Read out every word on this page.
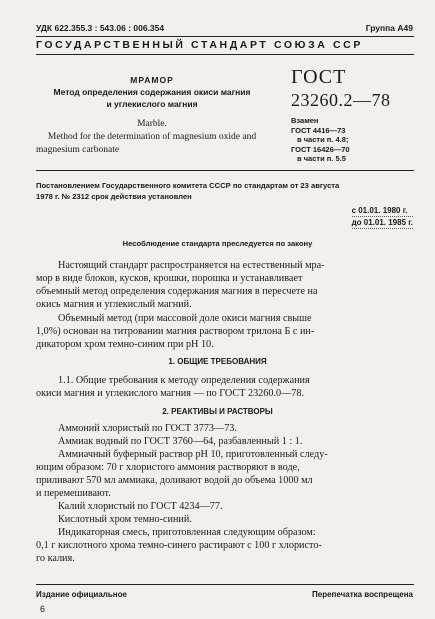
УДК 622.355.3 : 543.06 : 006.354	Группа А49
ГОСУДАРСТВЕННЫЙ СТАНДАРТ СОЮЗА ССР
МРАМОР
Метод определения содержания окиси магния
и углекислого магния
Marble.
Method for the determination of magnesium oxide and
magnesium carbonate
ГОСТ
23260.2—78
Взамен
ГОСТ 4416—73
в части п. 4.8;
ГОСТ 16426—70
в части п. 5.5
Постановлением Государственного комитета СССР по стандартам от 23 августа
1978 г. № 2312 срок действия установлен
с 01.01. 1980 г.
до 01.01. 1985 г.
Несоблюдение стандарта преследуется по закону
Настоящий стандарт распространяется на естественный мра-
мор в виде блоков, кусков, крошки, порошка и устанавливает
объемный метод определения содержания магния в пересчете на
окись магния и углекислый магний.
Объемный метод (при массовой доле окиси магния свыше
1,0%) основан на титровании магния раствором трилона Б с ин-
дикатором хром темно-синим при pH 10.
1. ОБЩИЕ ТРЕБОВАНИЯ
1.1. Общие требования к методу определения содержания
окиси магния и углекислого магния — по ГОСТ 23260.0—78.
2. РЕАКТИВЫ И РАСТВОРЫ
Аммоний хлористый по ГОСТ 3773—73.
Аммиак водный по ГОСТ 3760—64, разбавленный 1 : 1.
Аммиачный буферный раствор pH 10, приготовленный следу-
ющим образом: 70 г хлористого аммония растворяют в воде,
приливают 570 мл аммиака, доливают водой до объема 1000 мл
и перемешивают.
Калий хлористый по ГОСТ 4234—77.
Кислотный хром темно-синий.
Индикаторная смесь, приготовленная следующим образом:
0,1 г кислотного хрома темно-синего растирают с 100 г хлористо-
го калия.
Издание официальное	Перепечатка воспрещена
6
